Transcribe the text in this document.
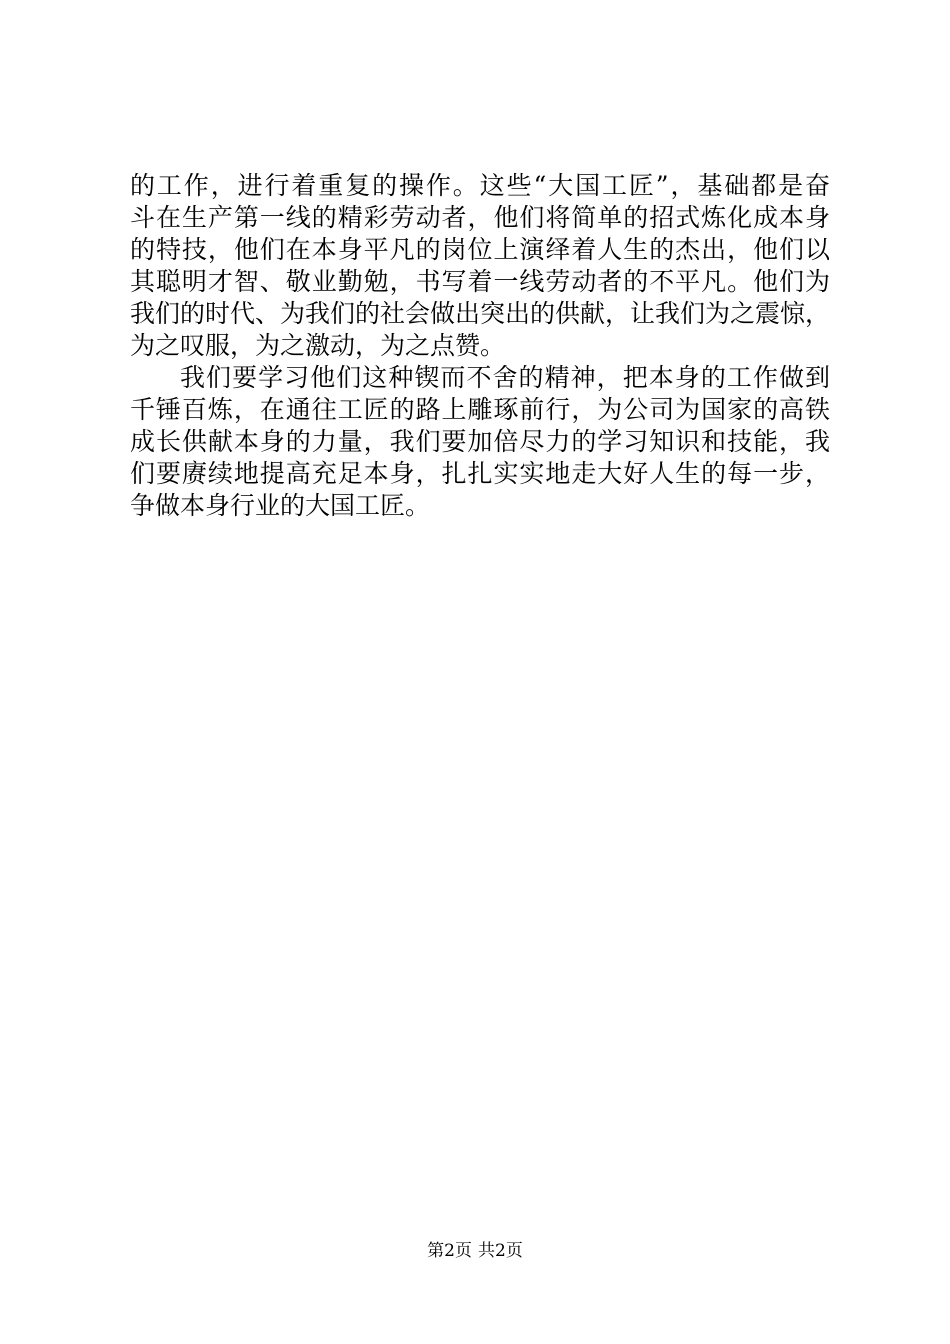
的工作，进行着重复的操作。这些“大国工匠”，基础都是奋
斗在生产第一线的精彩劳动者，他们将简单的招式炼化成本身
的特技，他们在本身平凡的岗位上演绎着人生的杰出，他们以
其聪明才智、敬业勤勉，书写着一线劳动者的不平凡。他们为
我们的时代、为我们的社会做出突出的供献，让我们为之震惊，
为之叹服，为之激动，为之点赞。
我们要学习他们这种锲而不舍的精神，把本身的工作做到
千锤百炼，在通往工匠的路上雕琢前行，为公司为国家的高铁
成长供献本身的力量，我们要加倍尽力的学习知识和技能，我
们要赓续地提高充足本身，扎扎实实地走大好人生的每一步，
争做本身行业的大国工匠。
第2页 共2页
